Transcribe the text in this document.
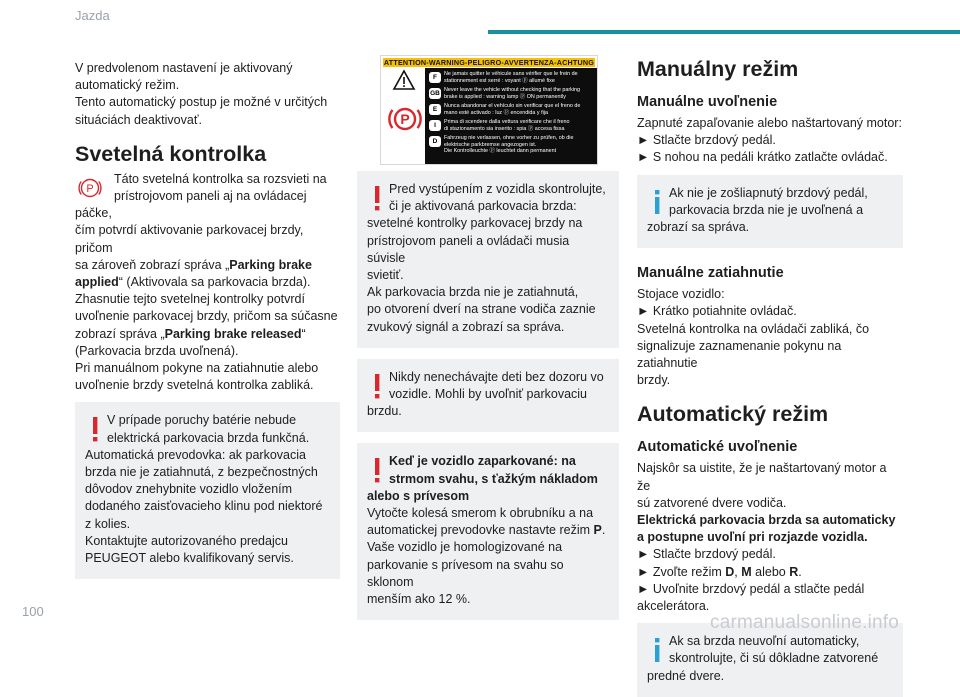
Jazda

V predvolenom nastavení je aktivovaný
automatický režim.
Tento automatický postup je možné v určitých
situáciách deaktivovať.

Svetelná kontrolka
P

Táto svetelná kontrolka sa rozsvieti na
prístrojovom paneli aj na ovládacej páčke,
čím potvrdí aktivovanie parkovacej brzdy, pričom
sa zároveň zobrazí správa „Parking brake
applied“ (Aktivovala sa parkovacia brzda).
Zhasnutie tejto svetelnej kontrolky potvrdí
uvoľnenie parkovacej brzdy, pričom sa súčasne
zobrazí správa „Parking brake released“
(Parkovacia brzda uvoľnená).
Pri manuálnom pokyne na zatiahnutie alebo
uvoľnenie brzdy svetelná kontrolka zabliká.

V prípade poruchy batérie nebude
elektrická parkovacia brzda funkčná.
Automatická prevodovka: ak parkovacia
brzda nie je zatiahnutá, z bezpečnostných
dôvodov znehybnite vozidlo vložením
dodaného zaisťovacieho klinu pod niektoré
z kolies.
Kontaktujte autorizovaného predajcu
PEUGEOT alebo kvalifikovaný servis.

ATTENTION-WARNING-PELIGRO-AVVERTENZA-ACHTUNG
P
F	Ne jamais quitter le véhicule sans vérifier que le frein de
stationnement est serré : voyant ⓟ allumé fixe
GB Never leave the vehicle without checking that the parking
brake is applied : warning lamp ⓟ ON permanently
E	Nunca abandonar el vehículo sin verificar que el freno de
mano esté activado : luz ⓟ encendida y fija
I	Prima di scendere dalla vettura verificare che il freno
di stazionamento sia inserito : spia ⓟ accesa fissa
D	Fahrzeug nie verlassen, ohne vorher zu prüfen, ob die
elektrische parkbremse angezogen ist.
Die Kontrolleuchte ⓟ leuchtet dann permanent

Pred vystúpením z vozidla skontrolujte,
či je aktivovaná parkovacia brzda:
svetelné kontrolky parkovacej brzdy na
prístrojovom paneli a ovládači musia súvisle
svietiť.
Ak parkovacia brzda nie je zatiahnutá,
po otvorení dverí na strane vodiča zaznie
zvukový signál a zobrazí sa správa.

Nikdy nenechávajte deti bez dozoru vo
vozidle. Mohli by uvoľniť parkovaciu
brzdu.

Keď je vozidlo zaparkované: na
strmom svahu, s ťažkým nákladom
alebo s prívesom
Vytočte kolesá smerom k obrubníku a na
automatickej prevodovke nastavte režim P.
Vaše vozidlo je homologizované na
parkovanie s prívesom na svahu so sklonom
menším ako 12 %.

Manuálny režim
Manuálne uvoľnenie

Zapnuté zapaľovanie alebo naštartovaný motor:
► Stlačte brzdový pedál.
► S nohou na pedáli krátko zatlačte ovládač.

Ak nie je zošliapnutý brzdový pedál,
parkovacia brzda nie je uvoľnená a
zobrazí sa správa.

Manuálne zatiahnutie

Stojace vozidlo:
► Krátko potiahnite ovládač.
Svetelná kontrolka na ovládači zabliká, čo
signalizuje zaznamenanie pokynu na zatiahnutie
brzdy.

Automatický režim
Automatické uvoľnenie

Najskôr sa uistite, že je naštartovaný motor a že
sú zatvorené dvere vodiča.
Elektrická parkovacia brzda sa automaticky
a postupne uvoľní pri rozjazde vozidla.
► Stlačte brzdový pedál.
► Zvoľte režim D, M alebo R.
► Uvoľnite brzdový pedál a stlačte pedál
akcelerátora.

Ak sa brzda neuvoľní automaticky,
skontrolujte, či sú dôkladne zatvorené
predné dvere.

100
carmanualsonline.info
